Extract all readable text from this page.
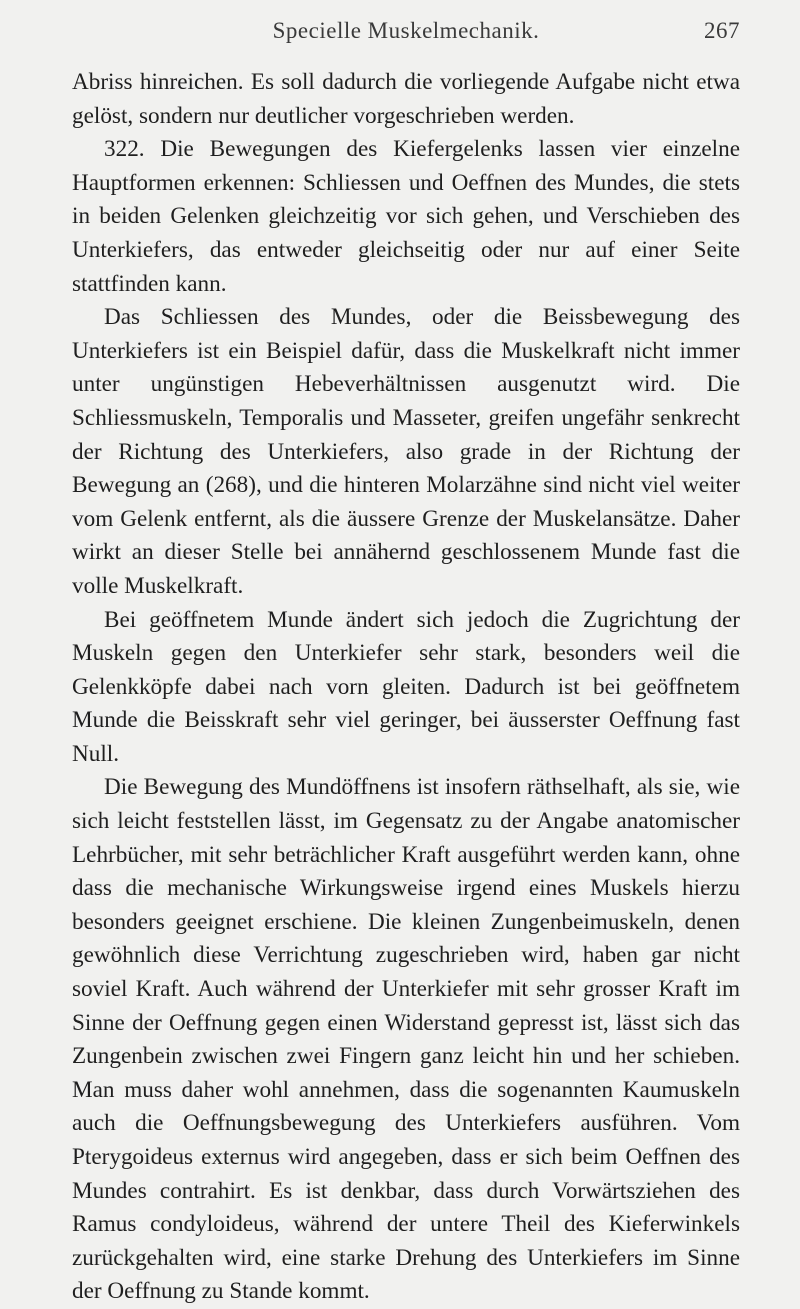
Specielle Muskelmechanik.	267

Abriss hinreichen. Es soll dadurch die vorliegende Aufgabe nicht etwa gelöst, sondern nur deutlicher vorgeschrieben werden.

322. Die Bewegungen des Kiefergelenks lassen vier einzelne Hauptformen erkennen: Schliessen und Oeffnen des Mundes, die stets in beiden Gelenken gleichzeitig vor sich gehen, und Verschieben des Unterkiefers, das entweder gleichseitig oder nur auf einer Seite stattfinden kann.

Das Schliessen des Mundes, oder die Beissbewegung des Unterkiefers ist ein Beispiel dafür, dass die Muskelkraft nicht immer unter ungünstigen Hebeverhältnissen ausgenutzt wird. Die Schliessmuskeln, Temporalis und Masseter, greifen ungefähr senkrecht der Richtung des Unterkiefers, also grade in der Richtung der Bewegung an (268), und die hinteren Molarzähne sind nicht viel weiter vom Gelenk entfernt, als die äussere Grenze der Muskelansätze. Daher wirkt an dieser Stelle bei annähernd geschlossenem Munde fast die volle Muskelkraft.

Bei geöffnetem Munde ändert sich jedoch die Zugrichtung der Muskeln gegen den Unterkiefer sehr stark, besonders weil die Gelenkköpfe dabei nach vorn gleiten. Dadurch ist bei geöffnetem Munde die Beisskraft sehr viel geringer, bei äusserster Oeffnung fast Null.

Die Bewegung des Mundöffnens ist insofern räthselhaft, als sie, wie sich leicht feststellen lässt, im Gegensatz zu der Angabe anatomischer Lehrbücher, mit sehr beträchlicher Kraft ausgeführt werden kann, ohne dass die mechanische Wirkungsweise irgend eines Muskels hierzu besonders geeignet erschiene. Die kleinen Zungenbeimuskeln, denen gewöhnlich diese Verrichtung zugeschrieben wird, haben gar nicht soviel Kraft. Auch während der Unterkiefer mit sehr grosser Kraft im Sinne der Oeffnung gegen einen Widerstand gepresst ist, lässt sich das Zungenbein zwischen zwei Fingern ganz leicht hin und her schieben. Man muss daher wohl annehmen, dass die sogenannten Kaumuskeln auch die Oeffnungsbewegung des Unterkiefers ausführen. Vom Pterygoideus externus wird angegeben, dass er sich beim Oeffnen des Mundes contrahirt. Es ist denkbar, dass durch Vorwärtsziehen des Ramus condyloideus, während der untere Theil des Kieferwinkels zurückgehalten wird, eine starke Drehung des Unterkiefers im Sinne der Oeffnung zu Stande kommt.
